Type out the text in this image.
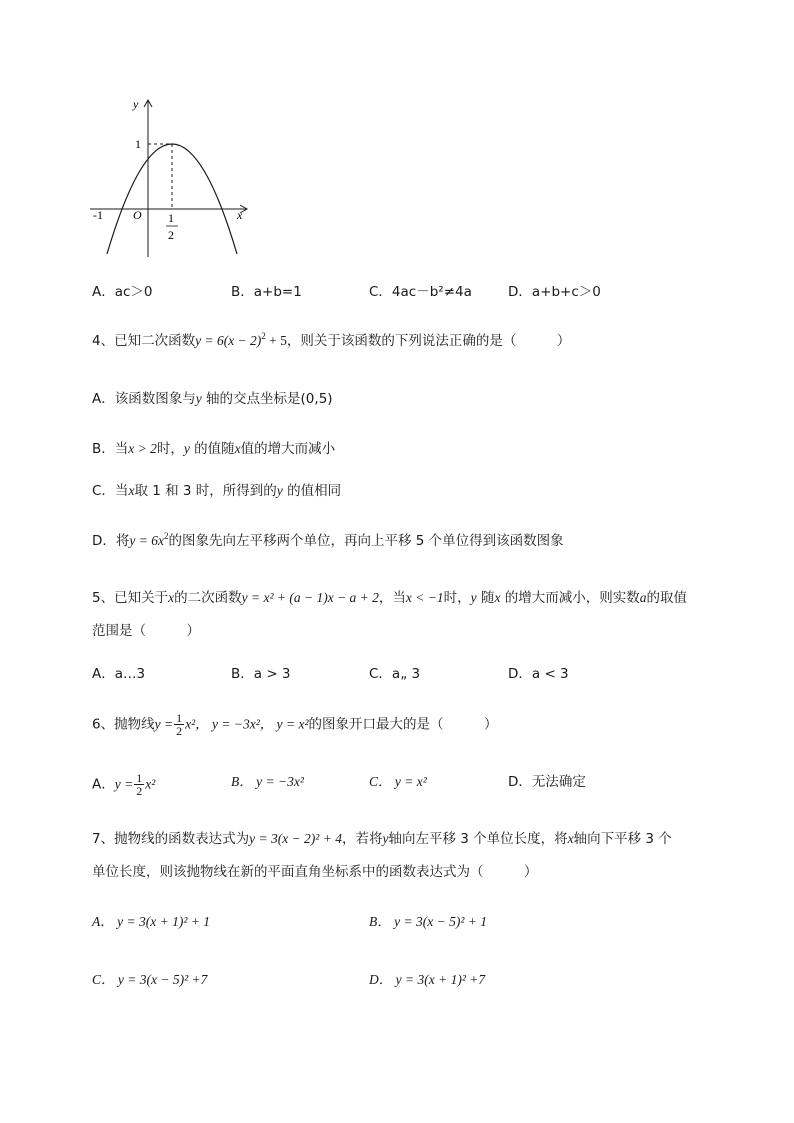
y
x
1
-1	O 1
2
A．ac＞0	B．a+b=1	C．4ac－b²≠4a	D．a+b+c＞0
4、已知二次函数$y = 6(x - 2)^2 + 5$，则关于该函数的下列说法正确的是（　　　）
A．该函数图象与y 轴的交点坐标是(0,5)
B．当x > 2时，y 的值随x值的增大而减小
C．当x取 1 和 3 时，所得到的y 的值相同
D．将$y = 6x^2$的图象先向左平移两个单位，再向上平移 5 个单位得到该函数图象
5、已知关于x的二次函数y = x² + (a − 1)x − a + 2，当x < −1时，y 随x 的增大而减小，则实数a的取值
范围是（　　　）
A．a…3	B．a > 3	C．a„ 3	D．a < 3
6、抛物线$y = \frac{1}{2} x^2$， y = −3x²， y = x²的图象开口最大的是（　　　）
A．$y = \frac{1}{2} x^2$	B． y = −3x²	C． y = x²	D．无法确定
7、抛物线的函数表达式为y = 3(x − 2)² + 4，若将y轴向左平移 3 个单位长度，将x轴向下平移 3 个
单位长度，则该抛物线在新的平面直角坐标系中的函数表达式为（　　　）
A． y = 3(x + 1)² + 1	B． y = 3(x − 5)² + 1
C． y = 3(x − 5)² +7	D． y = 3(x + 1)² +7
